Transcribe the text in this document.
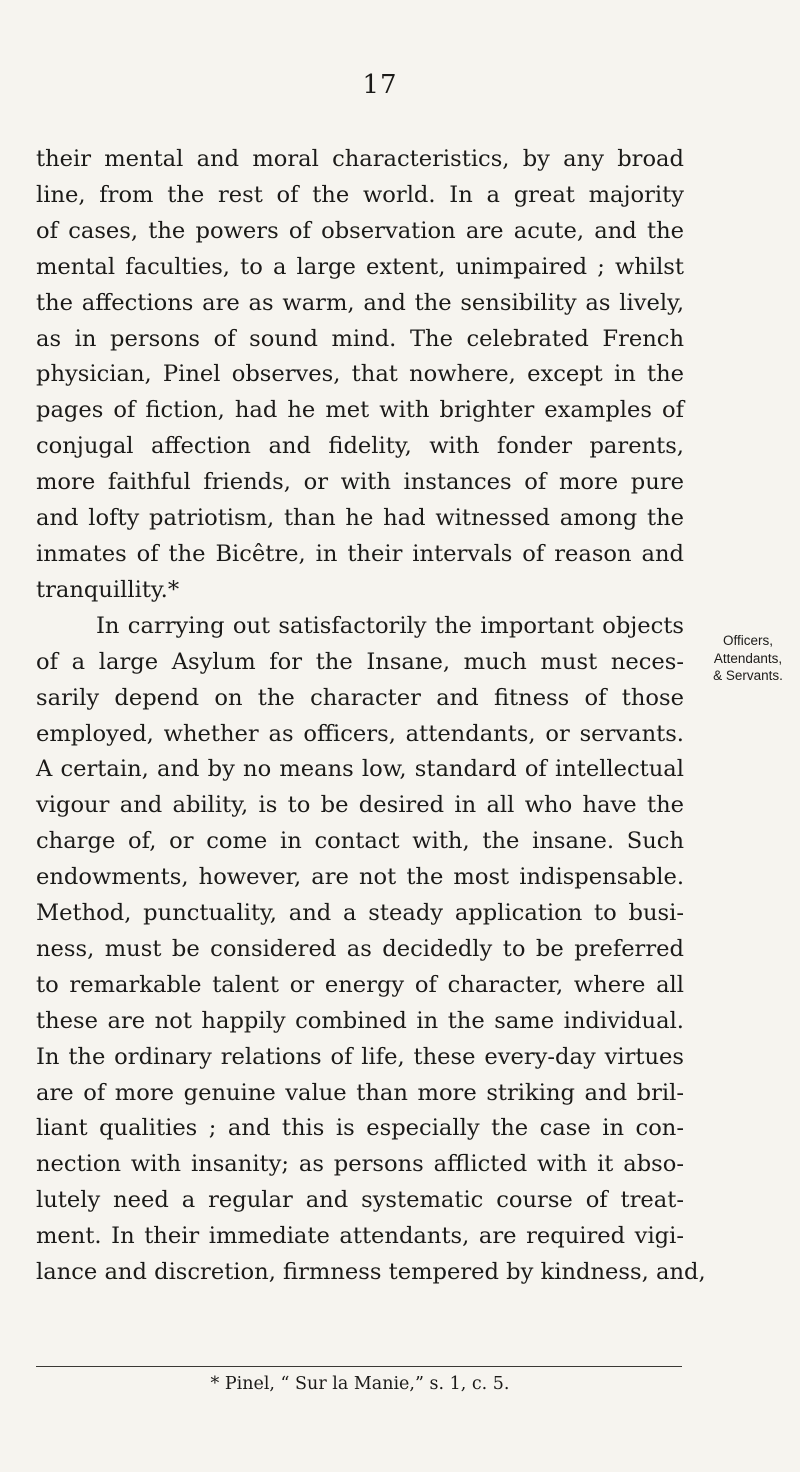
17
their mental and moral characteristics, by any broad
line, from the rest of the world. In a great majority
of cases, the powers of observation are acute, and the
mental faculties, to a large extent, unimpaired ; whilst
the affections are as warm, and the sensibility as lively,
as in persons of sound mind. The celebrated French
physician, Pinel observes, that nowhere, except in the
pages of fiction, had he met with brighter examples of
conjugal affection and fidelity, with fonder parents,
more faithful friends, or with instances of more pure
and lofty patriotism, than he had witnessed among the
inmates of the Bicêtre, in their intervals of reason and
tranquillity.*
In carrying out satisfactorily the important objects
of a large Asylum for the Insane, much must neces-
sarily depend on the character and fitness of those
employed, whether as officers, attendants, or servants.
A certain, and by no means low, standard of intellectual
vigour and ability, is to be desired in all who have the
charge of, or come in contact with, the insane. Such
endowments, however, are not the most indispensable.
Method, punctuality, and a steady application to busi-
ness, must be considered as decidedly to be preferred
to remarkable talent or energy of character, where all
these are not happily combined in the same individual.
In the ordinary relations of life, these every-day virtues
are of more genuine value than more striking and bril-
liant qualities ; and this is especially the case in con-
nection with insanity; as persons afflicted with it abso-
lutely need a regular and systematic course of treat-
ment. In their immediate attendants, are required vigi-
lance and discretion, firmness tempered by kindness, and,
Officers,
Attendants,
& Servants.
* Pinel, “ Sur la Manie,” s. 1, c. 5.
